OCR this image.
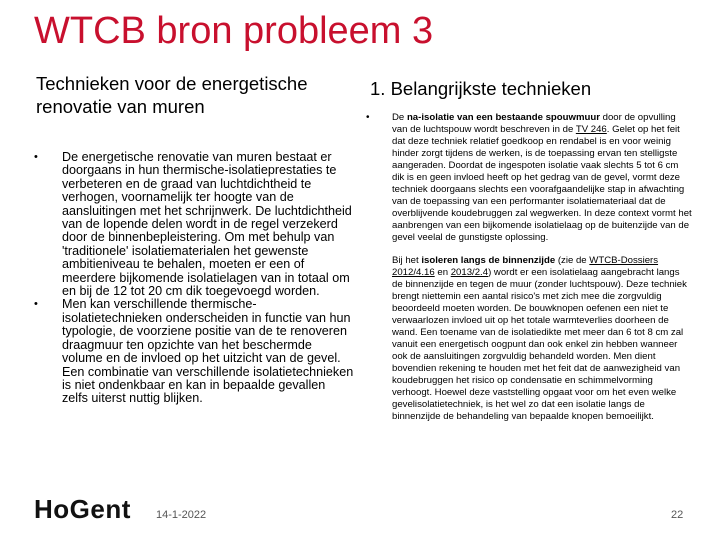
WTCB bron probleem 3
Technieken voor de energetische renovatie van muren
• De energetische renovatie van muren bestaat er doorgaans in hun thermische-isolatieprestaties te verbeteren en de graad van luchtdichtheid te verhogen, voornamelijk ter hoogte van de aansluitingen met het schrijnwerk. De luchtdichtheid van de lopende delen wordt in de regel verzekerd door de binnenbepleistering. Om met behulp van 'traditionele' isolatiematerialen het gewenste ambitieniveau te behalen, moeten er een of meerdere bijkomende isolatielagen van in totaal om en bij de 12 tot 20 cm dik toegevoegd worden.
• Men kan verschillende thermische-isolatietechnieken onderscheiden in functie van hun typologie, de voorziene positie van de te renoveren draagmuur ten opzichte van het beschermde volume en de invloed op het uitzicht van de gevel. Een combinatie van verschillende isolatietechnieken is niet ondenkbaar en kan in bepaalde gevallen zelfs uiterst nuttig blijken.
1. Belangrijkste technieken
• De na-isolatie van een bestaande spouwmuur door de opvulling van de luchtspouw wordt beschreven in de TV 246. Gelet op het feit dat deze techniek relatief goedkoop en rendabel is en voor weinig hinder zorgt tijdens de werken, is de toepassing ervan ten stelligste aangeraden. Doordat de ingespoten isolatie vaak slechts 5 tot 6 cm dik is en geen invloed heeft op het gedrag van de gevel, vormt deze techniek doorgaans slechts een voorafgaandelijke stap in afwachting van de toepassing van een performanter isolatiemateriaal dat de overblijvende koudebruggen zal wegwerken. In deze context vormt het aanbrengen van een bijkomende isolatielaag op de buitenzijde van de gevel veelal de gunstigste oplossing.

Bij het isoleren langs de binnenzijde (zie de WTCB-Dossiers 2012/4.16 en 2013/2.4) wordt er een isolatielaag aangebracht langs de binnenzijde en tegen de muur (zonder luchtspouw). Deze techniek brengt niettemin een aantal risico's met zich mee die zorgvuldig beoordeeld moeten worden. De bouwknopen oefenen een niet te verwaarlozen invloed uit op het totale warmteverlies doorheen de wand. Een toename van de isolatiedikte met meer dan 6 tot 8 cm zal vanuit een energetisch oogpunt dan ook enkel zin hebben wanneer ook de aansluitingen zorgvuldig behandeld worden. Men dient bovendien rekening te houden met het feit dat de aanwezigheid van koudebruggen het risico op condensatie en schimmelvorming verhoogt. Hoewel deze vaststelling opgaat voor om het even welke gevelisolatietechniek, is het wel zo dat een isolatie langs de binnenzijde de behandeling van bepaalde knopen bemoeilijkt.

HoGent 14-1-2022	22
